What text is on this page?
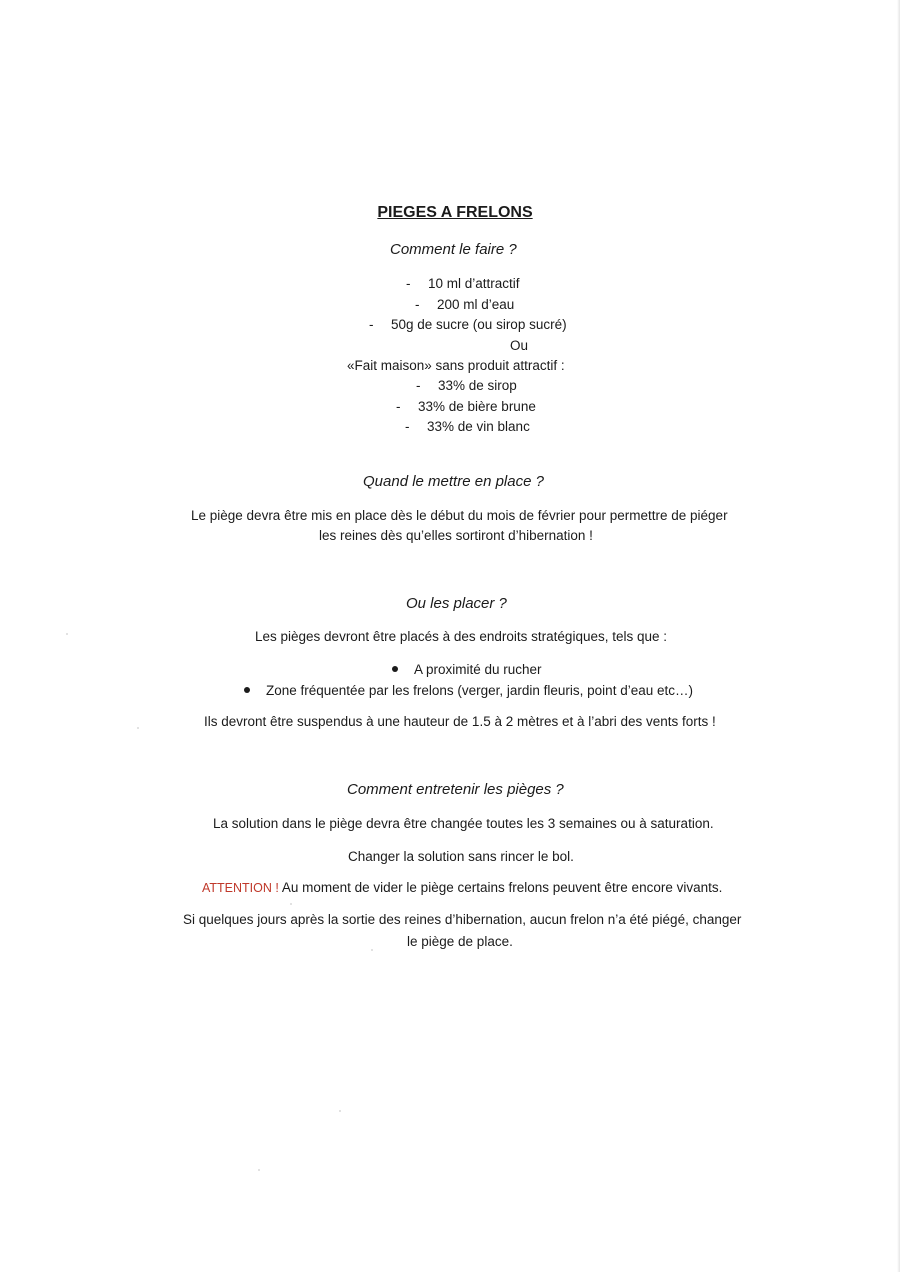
PIEGES A FRELONS
Comment le faire ?
- 10 ml d’attractif
- 200 ml d’eau
- 50g de sucre (ou sirop sucré)
Ou
«Fait maison» sans produit attractif :
- 33% de sirop
- 33% de bière brune
- 33% de vin blanc
Quand le mettre en place ?
Le piège devra être mis en place dès le début du mois de février pour permettre de piéger
les reines dès qu’elles sortiront d’hibernation !
Ou les placer ?
Les pièges devront être placés à des endroits stratégiques, tels que :
A proximité du rucher
Zone fréquentée par les frelons (verger, jardin fleuris, point d’eau etc…)
Ils devront être suspendus à une hauteur de 1.5 à 2 mètres et à l’abri des vents forts !
Comment entretenir les pièges ?
La solution dans le piège devra être changée toutes les 3 semaines ou à saturation.
Changer la solution sans rincer le bol.
ATTENTION ! Au moment de vider le piège certains frelons peuvent être encore vivants.
Si quelques jours après la sortie des reines d’hibernation, aucun frelon n’a été piégé, changer
le piège de place.
